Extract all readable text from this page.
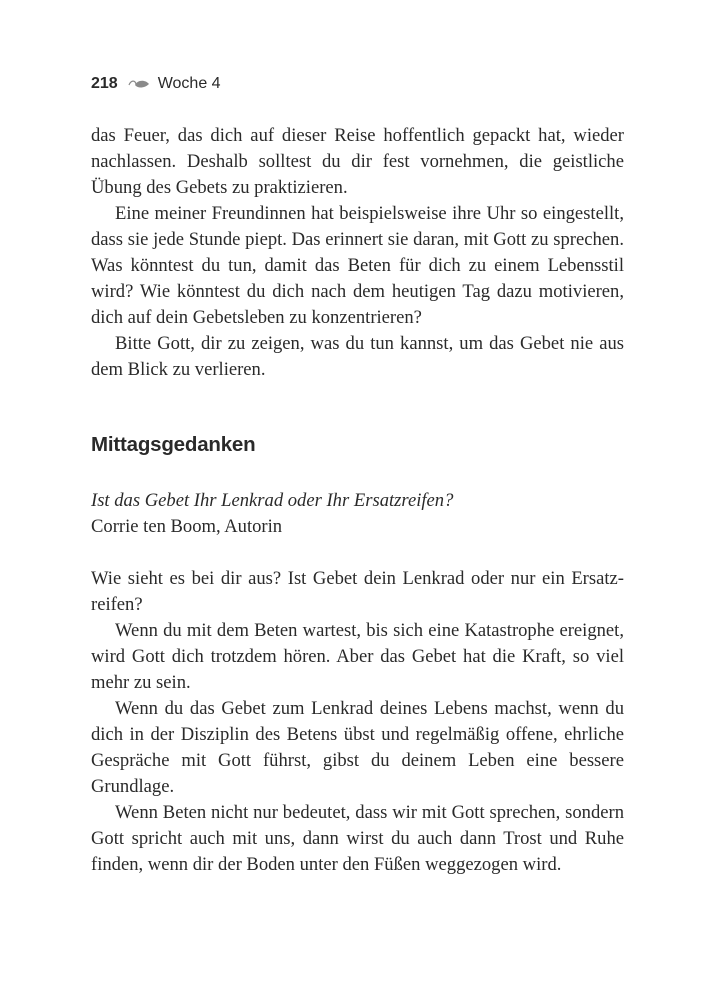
218	Woche 4

das Feuer, das dich auf dieser Reise hoffentlich gepackt hat, wieder nachlassen. Deshalb solltest du dir fest vornehmen, die geistliche Übung des Gebets zu praktizieren.

Eine meiner Freundinnen hat beispielsweise ihre Uhr so eingestellt, dass sie jede Stunde piept. Das erinnert sie daran, mit Gott zu sprechen. Was könntest du tun, damit das Beten für dich zu einem Lebensstil wird? Wie könntest du dich nach dem heutigen Tag dazu motivieren, dich auf dein Gebetsleben zu konzentrieren?

Bitte Gott, dir zu zeigen, was du tun kannst, um das Gebet nie aus dem Blick zu verlieren.

Mittagsgedanken
Ist das Gebet Ihr Lenkrad oder Ihr Ersatzreifen?
Corrie ten Boom, Autorin

Wie sieht es bei dir aus? Ist Gebet dein Lenkrad oder nur ein Ersatzreifen?

Wenn du mit dem Beten wartest, bis sich eine Katastrophe ereignet, wird Gott dich trotzdem hören. Aber das Gebet hat die Kraft, so viel mehr zu sein.

Wenn du das Gebet zum Lenkrad deines Lebens machst, wenn du dich in der Disziplin des Betens übst und regelmäßig offene, ehrliche Gespräche mit Gott führst, gibst du deinem Leben eine bessere Grundlage.

Wenn Beten nicht nur bedeutet, dass wir mit Gott sprechen, sondern Gott spricht auch mit uns, dann wirst du auch dann Trost und Ruhe finden, wenn dir der Boden unter den Füßen weggezogen wird.
